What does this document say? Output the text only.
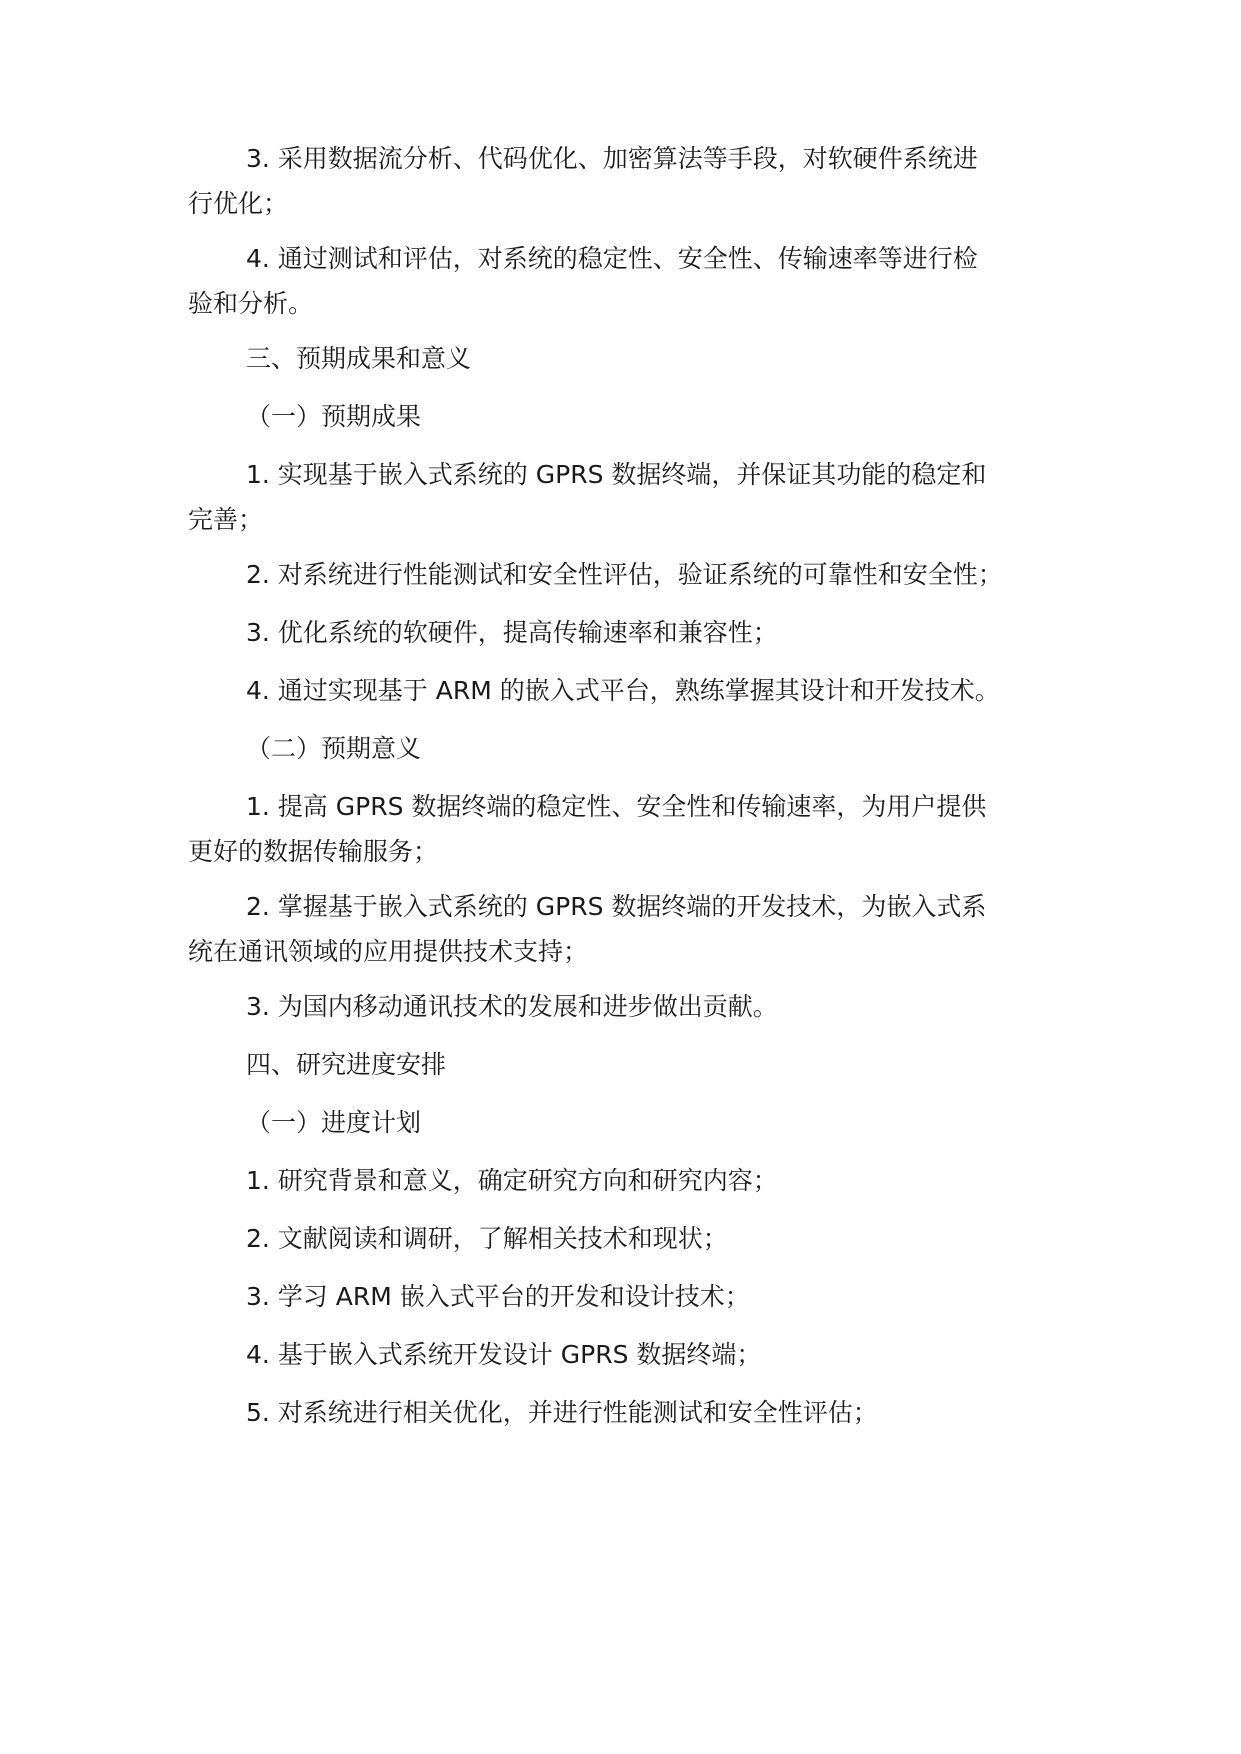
3. 采用数据流分析、代码优化、加密算法等手段，对软硬件系统进
行优化；
4. 通过测试和评估，对系统的稳定性、安全性、传输速率等进行检
验和分析。
三、预期成果和意义
（一）预期成果
1. 实现基于嵌入式系统的 GPRS 数据终端，并保证其功能的稳定和
完善；
2. 对系统进行性能测试和安全性评估，验证系统的可靠性和安全性；
3. 优化系统的软硬件，提高传输速率和兼容性；
4. 通过实现基于 ARM 的嵌入式平台，熟练掌握其设计和开发技术。
（二）预期意义
1. 提高 GPRS 数据终端的稳定性、安全性和传输速率，为用户提供
更好的数据传输服务；
2. 掌握基于嵌入式系统的 GPRS 数据终端的开发技术，为嵌入式系
统在通讯领域的应用提供技术支持；
3. 为国内移动通讯技术的发展和进步做出贡献。
四、研究进度安排
（一）进度计划
1. 研究背景和意义，确定研究方向和研究内容；
2. 文献阅读和调研，了解相关技术和现状；
3. 学习 ARM 嵌入式平台的开发和设计技术；
4. 基于嵌入式系统开发设计 GPRS 数据终端；
5. 对系统进行相关优化，并进行性能测试和安全性评估；
